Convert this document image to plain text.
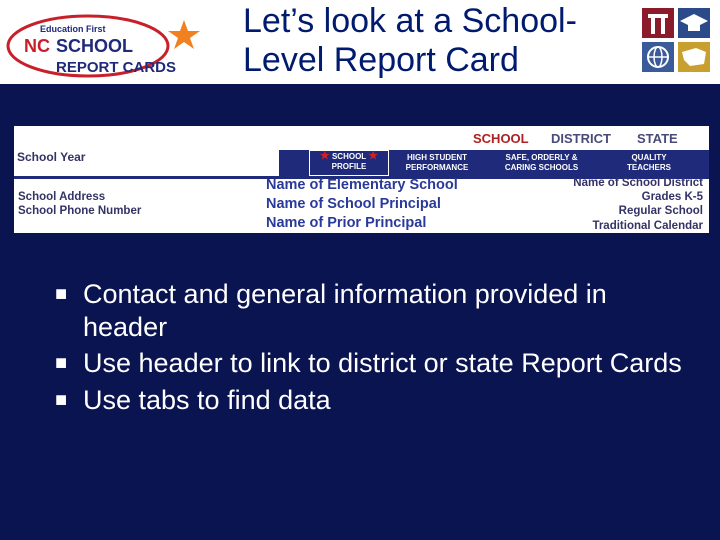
Education First
NC SCHOOL
REPORT CARDS
Let’s look at a School-
Level Report Card
SCHOOL DISTRICT STATE
School Year	★ SCHOOL ★
PROFILE
HIGH STUDENT
PERFORMANCE
SAFE, ORDERLY &
CARING SCHOOLS
QUALITY
TEACHERS
School Address
School Phone Number
Name of Elementary School
Name of School Principal
Name of Prior Principal
Name of School District
Grades K-5
Regular School
Traditional Calendar
■ Contact and general information provided in header
■ Use header to link to district or state Report Cards
■ Use tabs to find data
